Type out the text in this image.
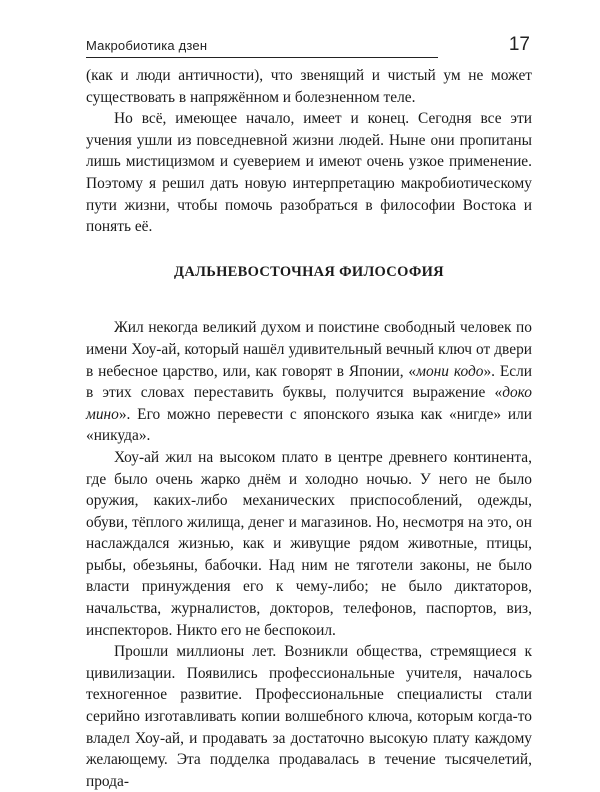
Макробиотика дзен	17

(как и люди античности), что звенящий и чистый ум не может существовать в напряжённом и болезненном теле.

Но всё, имеющее начало, имеет и конец. Сегодня все эти учения ушли из повседневной жизни людей. Ныне они пропитаны лишь мистицизмом и суеверием и имеют очень узкое применение. Поэтому я решил дать новую интерпретацию макробиотическому пути жизни, чтобы помочь разобраться в философии Востока и понять её.

ДАЛЬНЕВОСТОЧНАЯ ФИЛОСОФИЯ

Жил некогда великий духом и поистине свободный человек по имени Хоу-ай, который нашёл удивительный вечный ключ от двери в небесное царство, или, как говорят в Японии, «мони кодо». Если в этих словах переставить буквы, получится выражение «доко мино». Его можно перевести с японского языка как «нигде» или «никуда».

Хоу-ай жил на высоком плато в центре древнего континента, где было очень жарко днём и холодно ночью. У него не было оружия, каких-либо механических приспособлений, одежды, обуви, тёплого жилища, денег и магазинов. Но, несмотря на это, он наслаждался жизнью, как и живущие рядом животные, птицы, рыбы, обезьяны, бабочки. Над ним не тяготели законы, не было власти принуждения его к чему-либо; не было диктаторов, начальства, журналистов, докторов, телефонов, паспортов, виз, инспекторов. Никто его не беспокоил.

Прошли миллионы лет. Возникли общества, стремящиеся к цивилизации. Появились профессиональные учителя, началось техногенное развитие. Профессиональные специалисты стали серийно изготавливать копии волшебного ключа, которым когда-то владел Хоу-ай, и продавать за достаточно высокую плату каждому желающему. Эта подделка продавалась в течение тысячелетий, прода-
